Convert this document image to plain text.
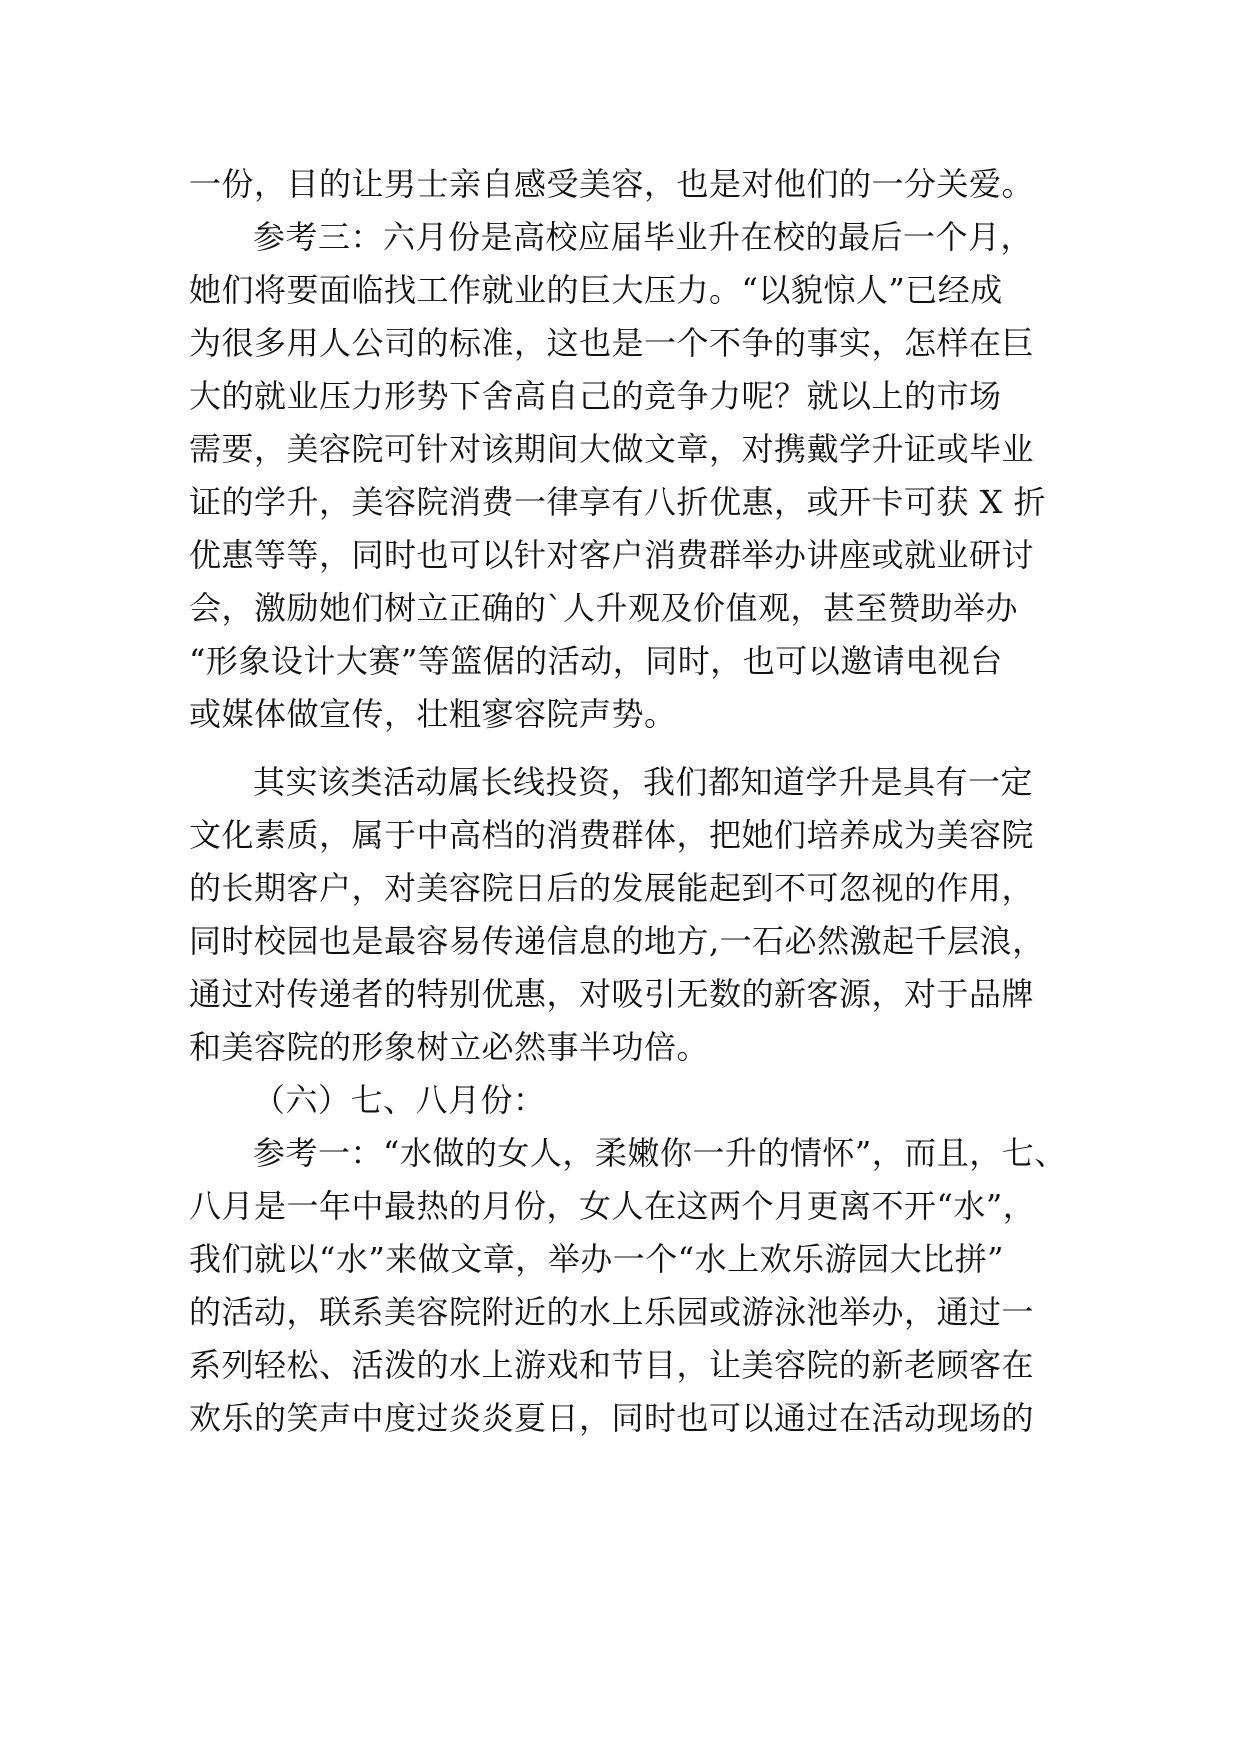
一份，目的让男士亲自感受美容，也是对他们的一分关爱。
参考三：六月份是高校应届毕业升在校的最后一个月，
她们将要面临找工作就业的巨大压力。“以貌惊人”已经成
为很多用人公司的标准，这也是一个不争的事实，怎样在巨
大的就业压力形势下舍高自己的竞争力呢？就以上的市场
需要，美容院可针对该期间大做文章，对携戴学升证或毕业
证的学升，美容院消费一律享有八折优惠，或开卡可获 X 折
优惠等等，同时也可以针对客户消费群举办讲座或就业研讨
会，激励她们树立正确的`人升观及价值观，甚至赞助举办
“形象设计大赛”等篮倨的活动，同时，也可以邀请电视台
或媒体做宣传，壮粗寥容院声势。
其实该类活动属长线投资，我们都知道学升是具有一定
文化素质，属于中高档的消费群体，把她们培养成为美容院
的长期客户，对美容院日后的发展能起到不可忽视的作用，
同时校园也是最容易传递信息的地方,一石必然激起千层浪，
通过对传递者的特别优惠，对吸引无数的新客源，对于品牌
和美容院的形象树立必然事半功倍。
（六）七、八月份：
参考一：“水做的女人，柔嫩你一升的情怀”，而且，七、
八月是一年中最热的月份，女人在这两个月更离不开“水”，
我们就以“水”来做文章，举办一个“水上欢乐游园大比拼”
的活动，联系美容院附近的水上乐园或游泳池举办，通过一
系列轻松、活泼的水上游戏和节目，让美容院的新老顾客在
欢乐的笑声中度过炎炎夏日，同时也可以通过在活动现场的
